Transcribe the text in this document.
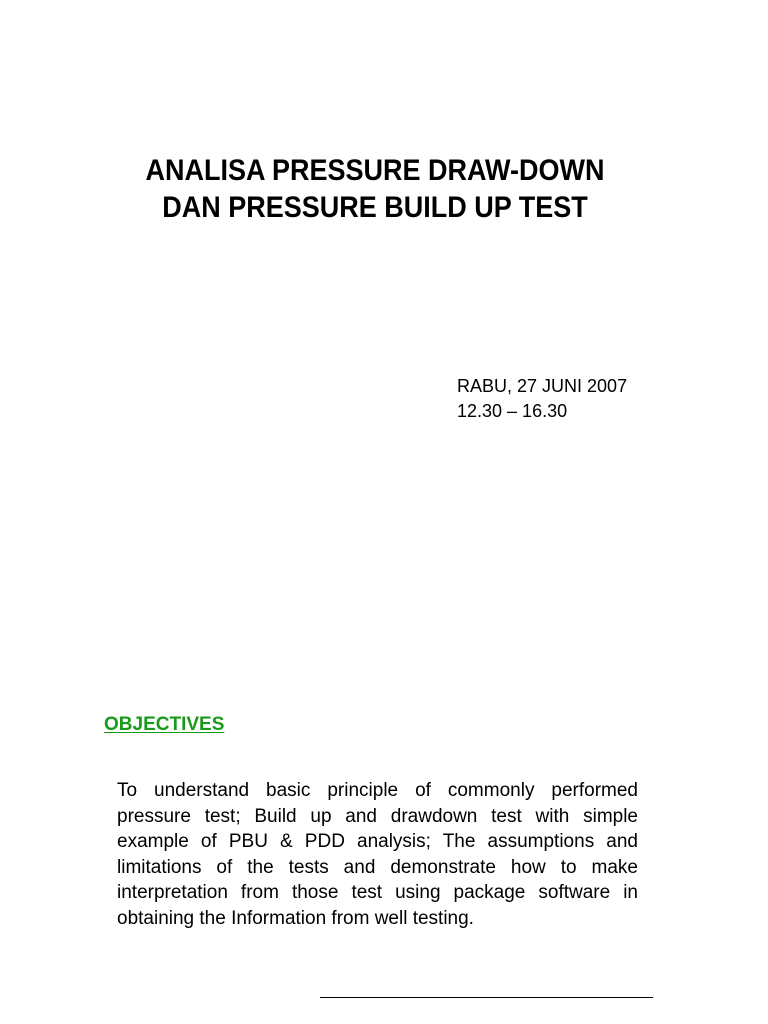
ANALISA PRESSURE DRAW-DOWN
DAN PRESSURE BUILD UP TEST
RABU, 27 JUNI 2007
12.30 – 16.30
OBJECTIVES
To understand basic principle of commonly performed pressure test; Build up and drawdown test with simple example of PBU & PDD analysis; The assumptions and limitations of the tests and demonstrate how to make interpretation from those test using package software in obtaining the Information from well testing.
